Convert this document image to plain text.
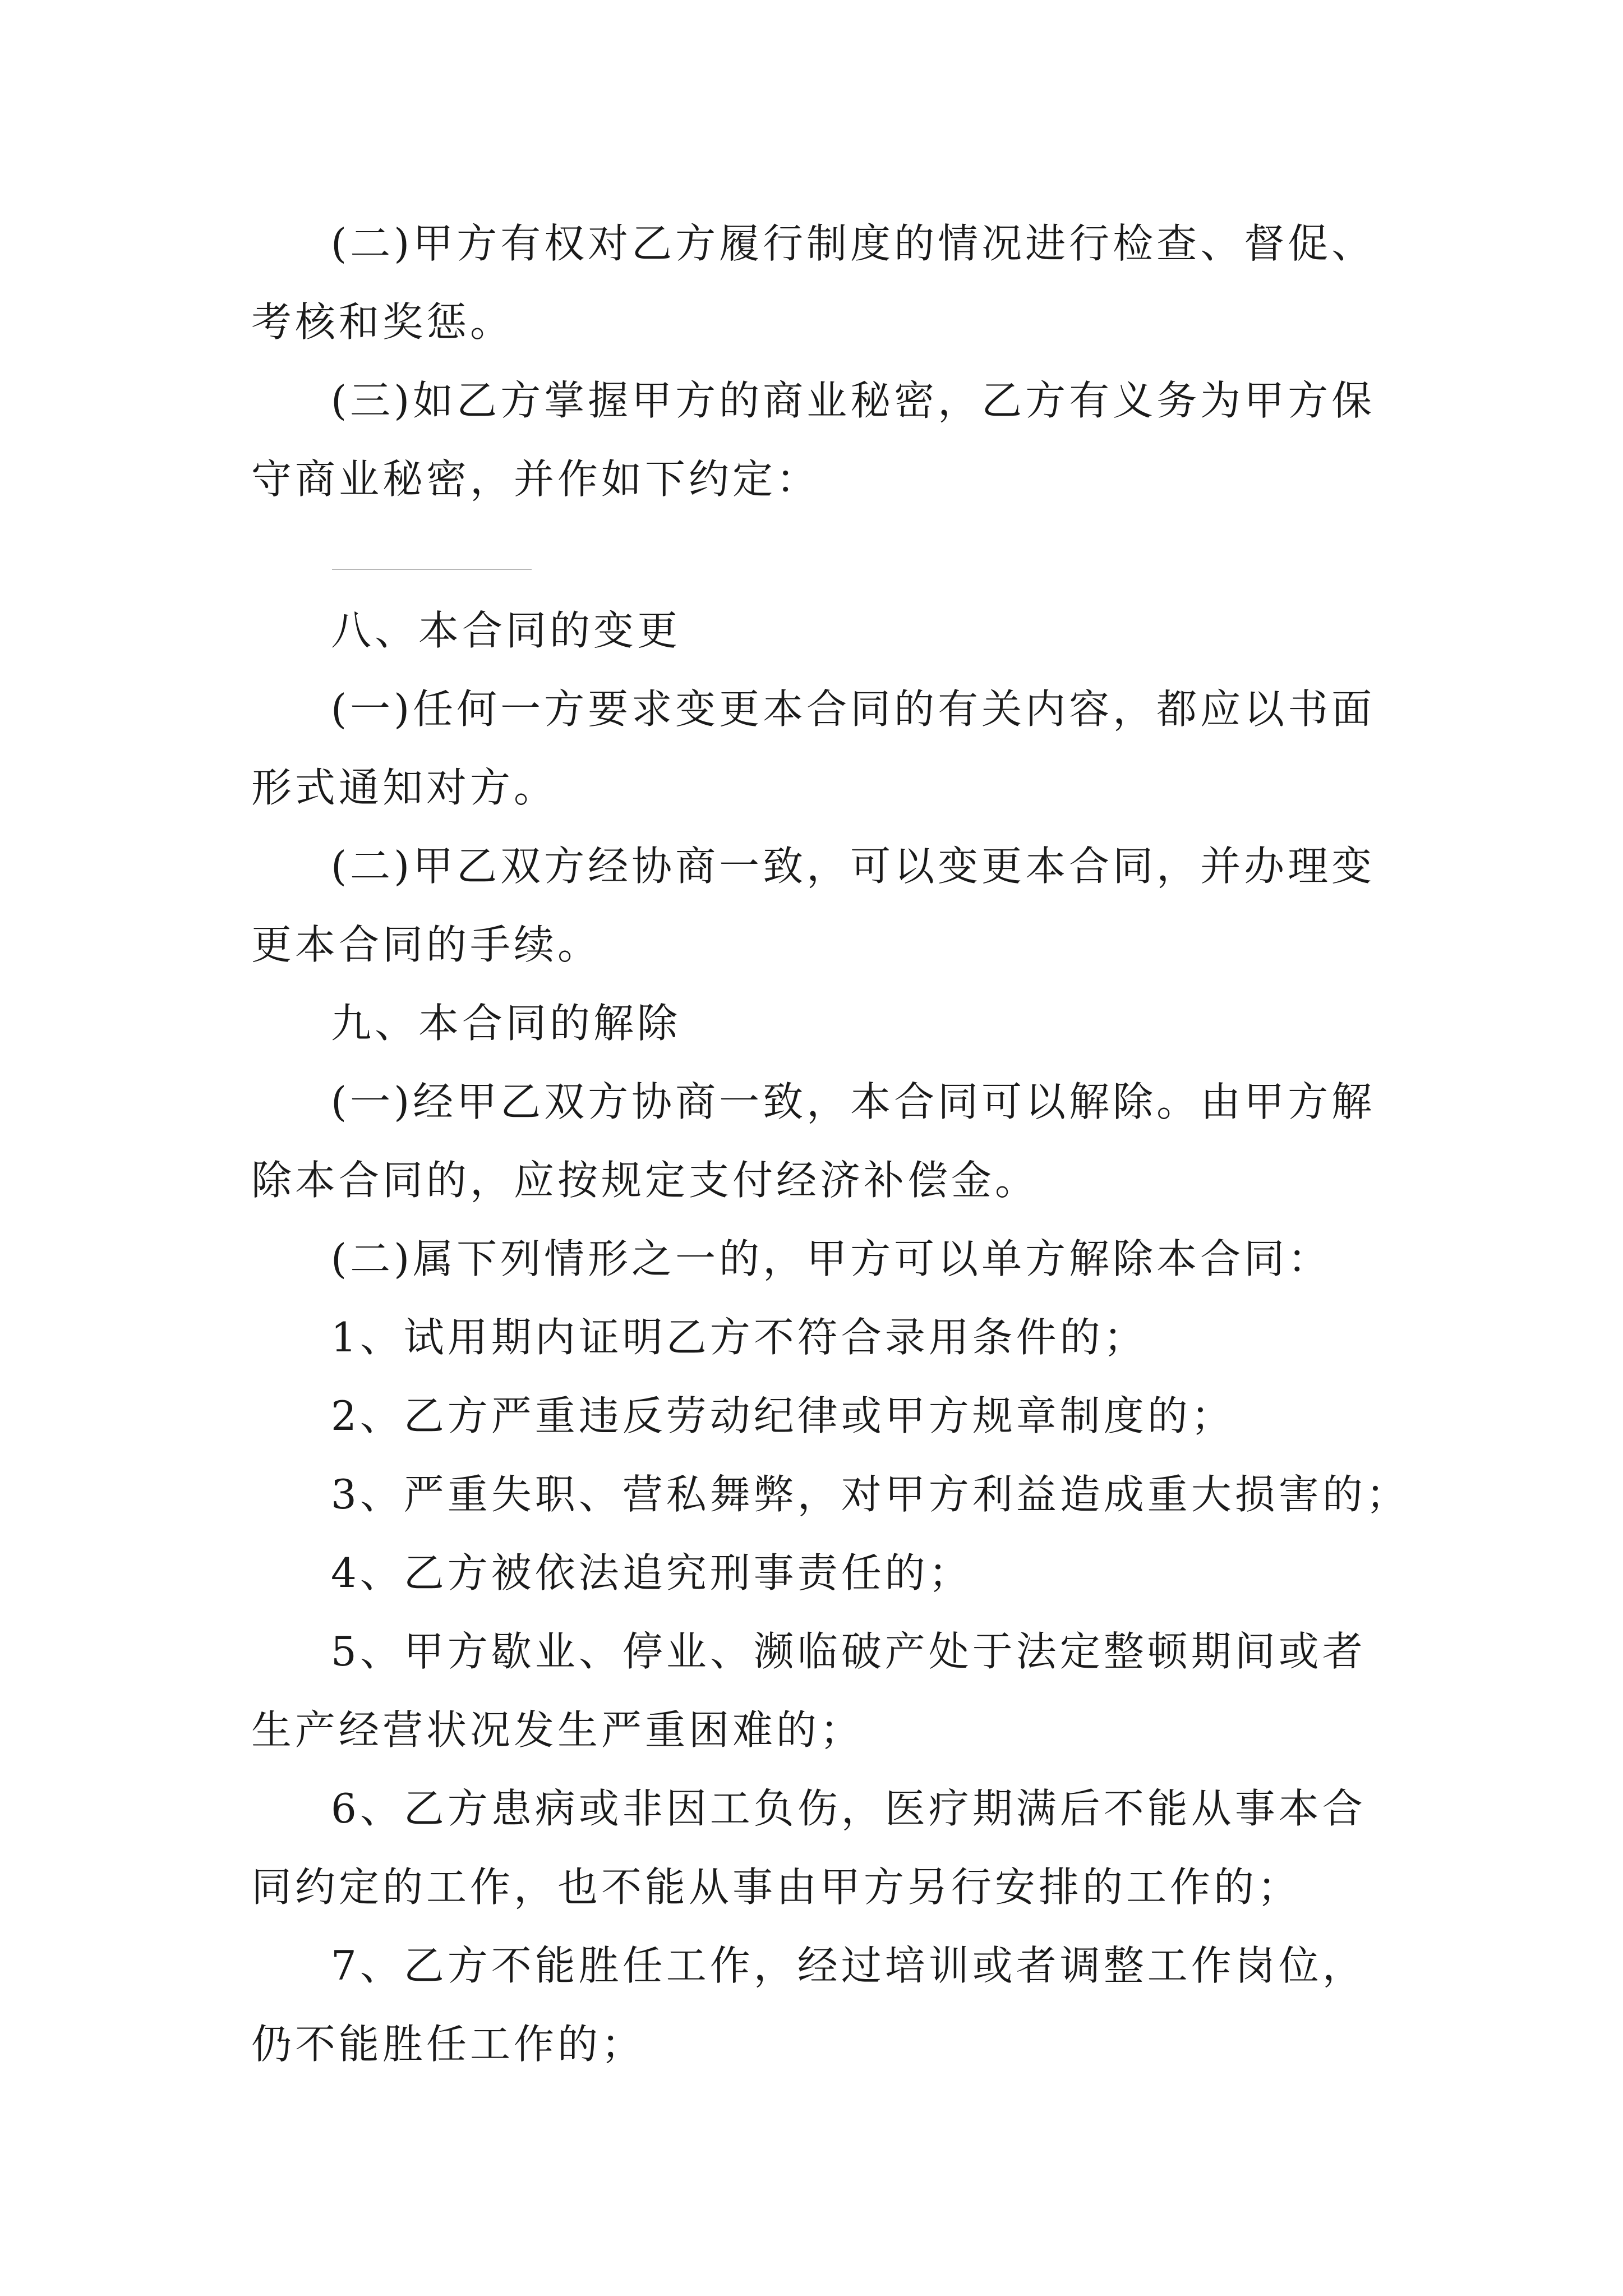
(二)甲方有权对乙方履行制度的情况进行检查、督促、
考核和奖惩。
(三)如乙方掌握甲方的商业秘密，乙方有义务为甲方保
守商业秘密，并作如下约定：
八、本合同的变更
(一)任何一方要求变更本合同的有关内容，都应以书面
形式通知对方。
(二)甲乙双方经协商一致，可以变更本合同，并办理变
更本合同的手续。
九、本合同的解除
(一)经甲乙双方协商一致，本合同可以解除。由甲方解
除本合同的，应按规定支付经济补偿金。
(二)属下列情形之一的，甲方可以单方解除本合同：
1、试用期内证明乙方不符合录用条件的；
2、乙方严重违反劳动纪律或甲方规章制度的；
3、严重失职、营私舞弊，对甲方利益造成重大损害的；
4、乙方被依法追究刑事责任的；
5、甲方歇业、停业、濒临破产处于法定整顿期间或者
生产经营状况发生严重困难的；
6、乙方患病或非因工负伤，医疗期满后不能从事本合
同约定的工作，也不能从事由甲方另行安排的工作的；
7、乙方不能胜任工作，经过培训或者调整工作岗位，
仍不能胜任工作的；
